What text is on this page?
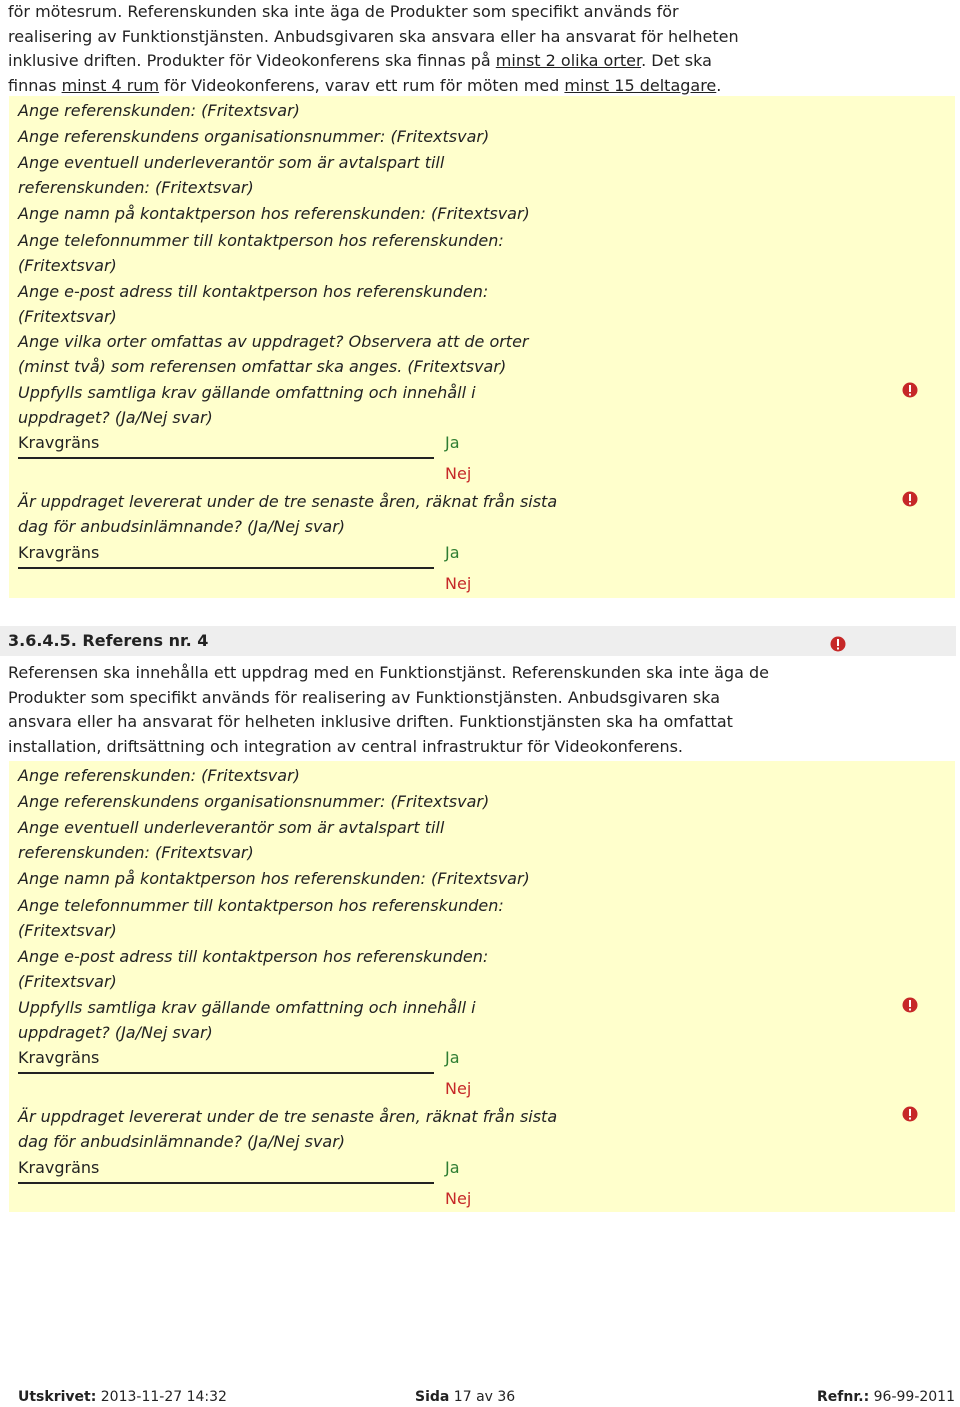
för mötesrum. Referenskunden ska inte äga de Produkter som specifikt används för
realisering av Funktionstjänsten. Anbudsgivaren ska ansvara eller ha ansvarat för helheten
inklusive driften. Produkter för Videokonferens ska finnas på minst 2 olika orter. Det ska
finnas minst 4 rum för Videokonferens, varav ett rum för möten med minst 15 deltagare.

Ange referenskunden: (Fritextsvar)

Ange referenskundens organisationsnummer: (Fritextsvar)

Ange eventuell underleverantör som är avtalspart till referenskunden: (Fritextsvar)

Ange namn på kontaktperson hos referenskunden: (Fritextsvar)

Ange telefonnummer till kontaktperson hos referenskunden: (Fritextsvar)

Ange e-post adress till kontaktperson hos referenskunden: (Fritextsvar)

Ange vilka orter omfattas av uppdraget? Observera att de orter (minst två) som referensen omfattar ska anges. (Fritextsvar)

Uppfylls samtliga krav gällande omfattning och innehåll i uppdraget? (Ja/Nej svar)

Kravgräns	Ja
Nej

Är uppdraget levererat under de tre senaste åren, räknat från sista dag för anbudsinlämnande? (Ja/Nej svar)

Kravgräns	Ja
Nej
3.6.4.5. Referens nr. 4

Referensen ska innehålla ett uppdrag med en Funktionstjänst. Referenskunden ska inte äga de Produkter som specifikt används för realisering av Funktionstjänsten. Anbudsgivaren ska ansvara eller ha ansvarat för helheten inklusive driften. Funktionstjänsten ska ha omfattat installation, driftsättning och integration av central infrastruktur för Videokonferens.

Ange referenskunden: (Fritextsvar)

Ange referenskundens organisationsnummer: (Fritextsvar)

Ange eventuell underleverantör som är avtalspart till referenskunden: (Fritextsvar)

Ange namn på kontaktperson hos referenskunden: (Fritextsvar)

Ange telefonnummer till kontaktperson hos referenskunden: (Fritextsvar)

Ange e-post adress till kontaktperson hos referenskunden: (Fritextsvar)

Uppfylls samtliga krav gällande omfattning och innehåll i uppdraget? (Ja/Nej svar)

Kravgräns	Ja
Nej

Är uppdraget levererat under de tre senaste åren, räknat från sista dag för anbudsinlämnande? (Ja/Nej svar)

Kravgräns	Ja
Nej
Utskrivet: 2013-11-27 14:32	Sida 17 av 36	Refnr.: 96-99-2011
